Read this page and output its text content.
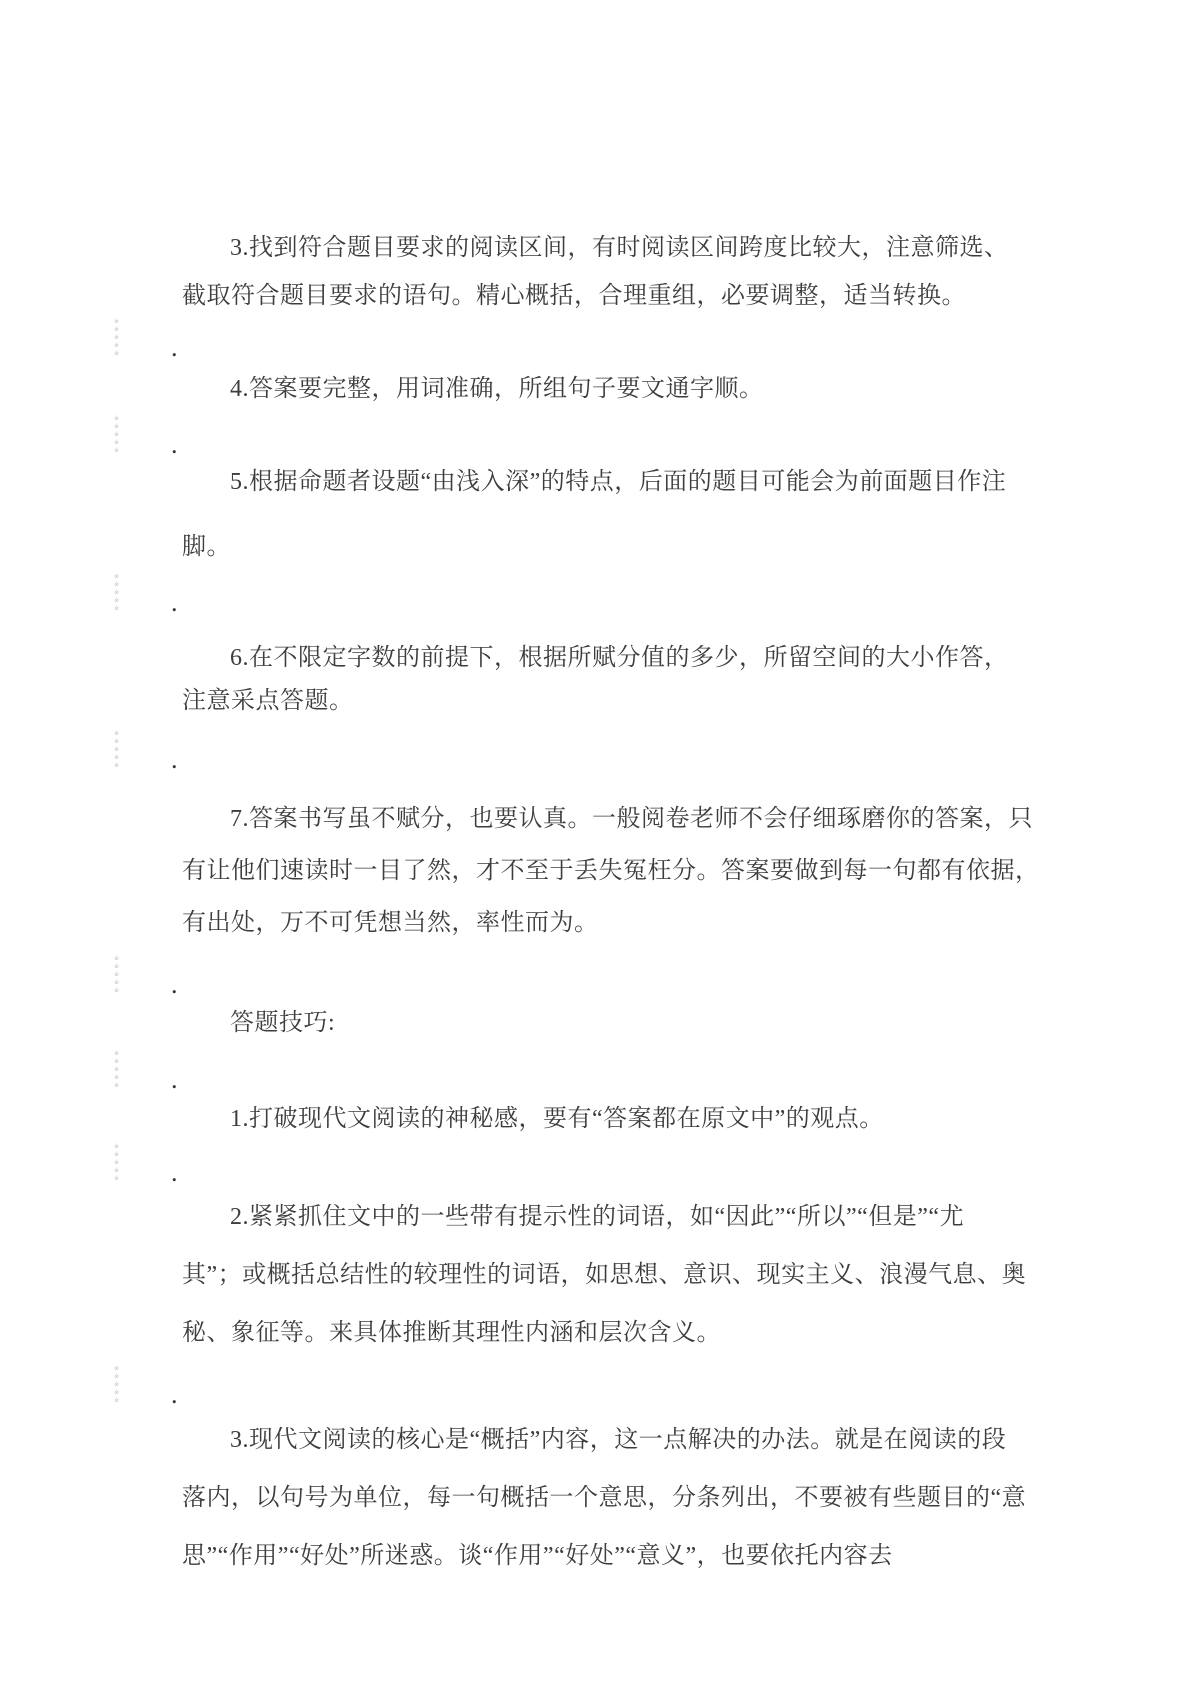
3.找到符合题目要求的阅读区间，有时阅读区间跨度比较大，注意筛选、
截取符合题目要求的语句。精心概括，合理重组，必要调整，适当转换。
※※※※※ .
4.答案要完整，用词准确，所组句子要文通字顺。
※※※※※ .
5.根据命题者设题“由浅入深”的特点，后面的题目可能会为前面题目作注
脚。
※※※※※ .
6.在不限定字数的前提下，根据所赋分值的多少，所留空间的大小作答，
注意采点答题。
※※※※※ .
7.答案书写虽不赋分，也要认真。一般阅卷老师不会仔细琢磨你的答案，只
有让他们速读时一目了然，才不至于丢失冤枉分。答案要做到每一句都有依据，
有出处，万不可凭想当然，率性而为。
※※※※※ .
答题技巧:
※※※※※ .
1.打破现代文阅读的神秘感，要有“答案都在原文中”的观点。
※※※※※ .
2.紧紧抓住文中的一些带有提示性的词语，如“因此”“所以”“但是”“尤
其”；或概括总结性的较理性的词语，如思想、意识、现实主义、浪漫气息、奥
秘、象征等。来具体推断其理性内涵和层次含义。
※※※※※ .
3.现代文阅读的核心是“概括”内容，这一点解决的办法。就是在阅读的段
落内，以句号为单位，每一句概括一个意思，分条列出，不要被有些题目的“意
思”“作用”“好处”所迷惑。谈“作用”“好处”“意义”，也要依托内容去
